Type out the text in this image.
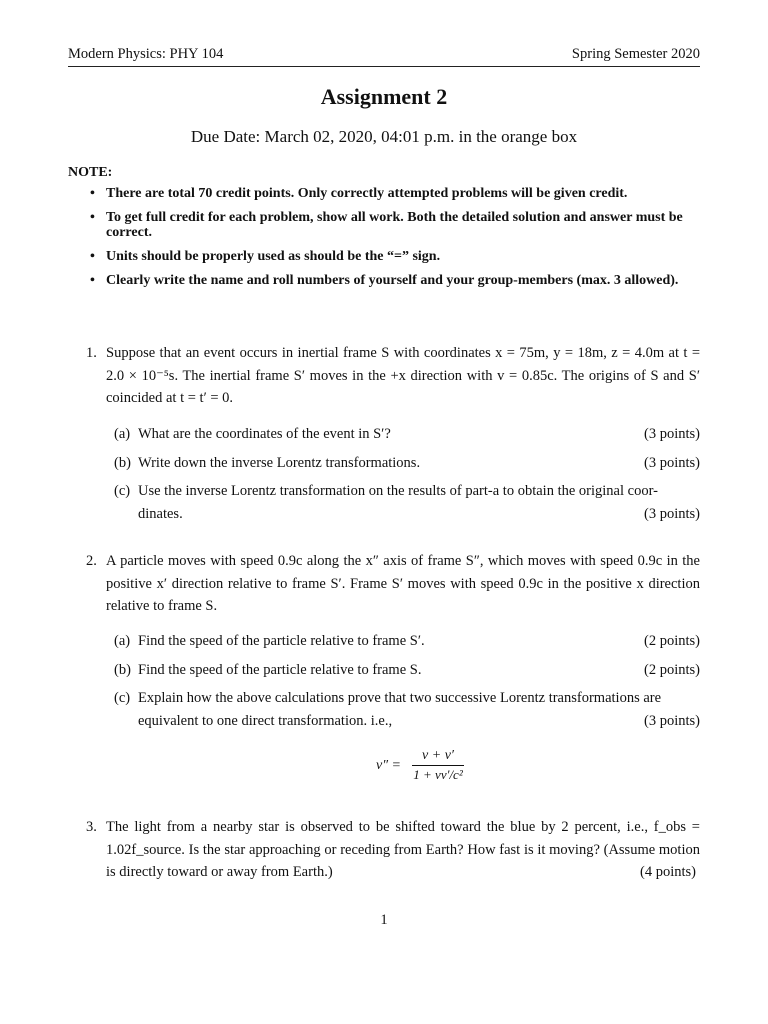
Modern Physics: PHY 104	Spring Semester 2020
Assignment 2
Due Date: March 02, 2020, 04:01 p.m. in the orange box
NOTE:
• There are total 70 credit points. Only correctly attempted problems will be given credit.
• To get full credit for each problem, show all work. Both the detailed solution and answer must be correct.
• Units should be properly used as should be the “=” sign.
• Clearly write the name and roll numbers of yourself and your group-members (max. 3 allowed).
1. Suppose that an event occurs in inertial frame S with coordinates x = 75m, y = 18m, z = 4.0m at t = 2.0 × 10⁻⁵s. The inertial frame S′ moves in the +x direction with v = 0.85c. The origins of S and S′ coincided at t = t′ = 0.
(a) What are the coordinates of the event in S′?	(3 points)
(b) Write down the inverse Lorentz transformations.	(3 points)
(c) Use the inverse Lorentz transformation on the results of part-a to obtain the original coor-
dinates.	(3 points)
2. A particle moves with speed 0.9c along the x″ axis of frame S″, which moves with speed 0.9c in the positive x′ direction relative to frame S′. Frame S′ moves with speed 0.9c in the positive x direction relative to frame S.
(a) Find the speed of the particle relative to frame S′.	(2 points)
(b) Find the speed of the particle relative to frame S.	(2 points)
(c) Explain how the above calculations prove that two successive Lorentz transformations are
equivalent to one direct transformation. i.e.,	(3 points)
v″ =
v + v′
1 + vv′/c²
3. The light from a nearby star is observed to be shifted toward the blue by 2 percent, i.e., f_obs = 1.02f_source. Is the star approaching or receding from Earth? How fast is it moving? (Assume motion is directly toward or away from Earth.)	(4 points)
1
